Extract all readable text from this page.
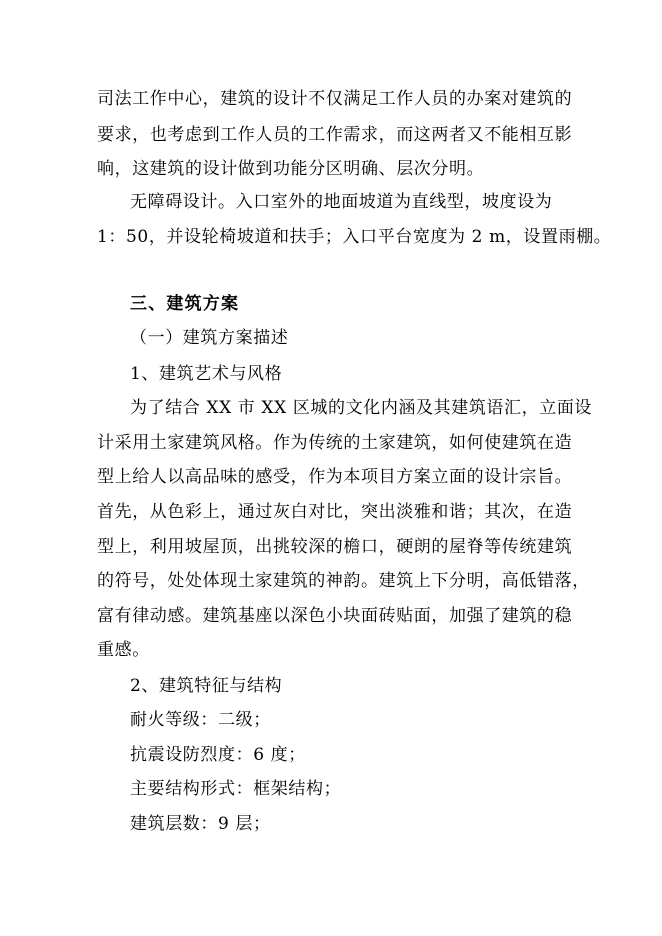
司法工作中心，建筑的设计不仅满足工作人员的办案对建筑的
要求，也考虑到工作人员的工作需求，而这两者又不能相互影
响，这建筑的设计做到功能分区明确、层次分明。
无障碍设计。入口室外的地面坡道为直线型，坡度设为
1：50，并设轮椅坡道和扶手；入口平台宽度为 2 m，设置雨棚。
三、建筑方案
（一）建筑方案描述
1、建筑艺术与风格
为了结合 XX 市 XX 区城的文化内涵及其建筑语汇，立面设
计采用土家建筑风格。作为传统的土家建筑，如何使建筑在造
型上给人以高品味的感受，作为本项目方案立面的设计宗旨。
首先，从色彩上，通过灰白对比，突出淡雅和谐；其次，在造
型上，利用坡屋顶，出挑较深的檐口，硬朗的屋脊等传统建筑
的符号，处处体现土家建筑的神韵。建筑上下分明，高低错落，
富有律动感。建筑基座以深色小块面砖贴面，加强了建筑的稳
重感。
2、建筑特征与结构
耐火等级：二级；
抗震设防烈度：6 度；
主要结构形式：框架结构；
建筑层数：9 层；
